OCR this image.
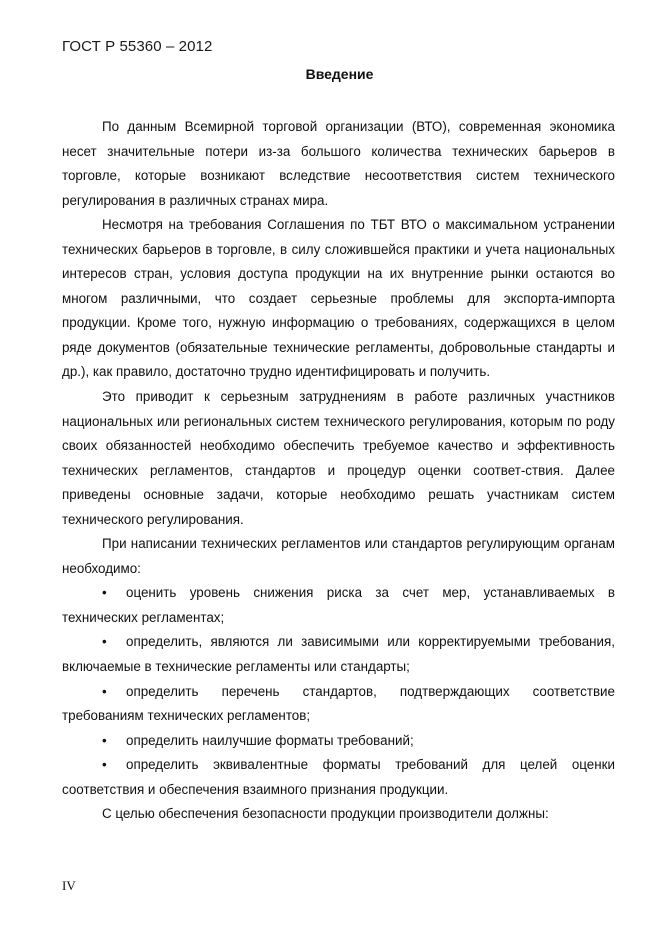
ГОСТ Р 55360 – 2012
Введение

По данным Всемирной торговой организации (ВТО), современная экономика несет значительные потери из-за большого количества технических барьеров в торговле, которые возникают вследствие несоответствия систем технического регулирования в различных странах мира.

Несмотря на требования Соглашения по ТБТ ВТО о максимальном устранении технических барьеров в торговле, в силу сложившейся практики и учета национальных интересов стран, условия доступа продукции на их внутренние рынки остаются во многом различными, что создает серьезные проблемы для экспорта-импорта продукции. Кроме того, нужную информацию о требованиях, содержащихся в целом ряде документов (обязательные технические регламенты, добровольные стандарты и др.), как правило, достаточно трудно идентифицировать и получить.

Это приводит к серьезным затруднениям в работе различных участников национальных или региональных систем технического регулирования, которым по роду своих обязанностей необходимо обеспечить требуемое качество и эффективность технических регламентов, стандартов и процедур оценки соответ-ствия. Далее приведены основные задачи, которые необходимо решать участникам систем технического регулирования.

При написании технических регламентов или стандартов регулирующим органам необходимо:

• оценить уровень снижения риска за счет мер, устанавливаемых в технических регламентах;

• определить, являются ли зависимыми или корректируемыми требования, включаемые в технические регламенты или стандарты;

• определить перечень стандартов, подтверждающих соответствие требованиям технических регламентов;

• определить наилучшие форматы требований;

• определить эквивалентные форматы требований для целей оценки соответствия и обеспечения взаимного признания продукции.

С целью обеспечения безопасности продукции производители должны:

IV
